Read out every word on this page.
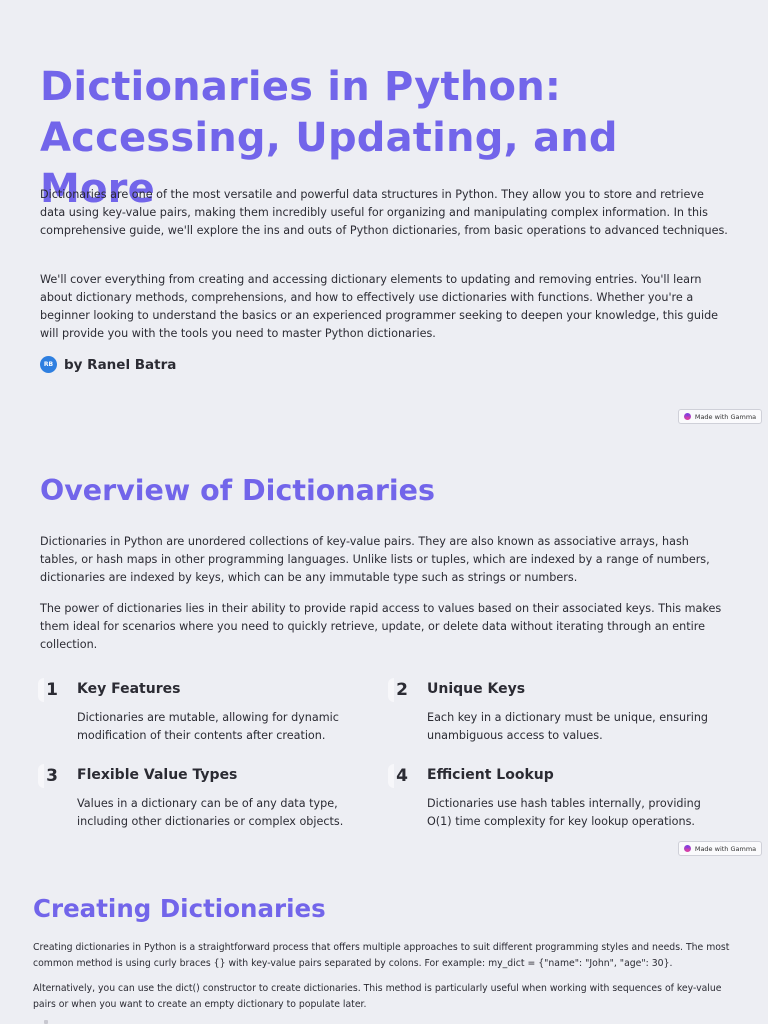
Dictionaries in Python: Accessing, Updating, and More

Dictionaries are one of the most versatile and powerful data structures in Python. They allow you to store and retrieve data using key-value pairs, making them incredibly useful for organizing and manipulating complex information. In this comprehensive guide, we'll explore the ins and outs of Python dictionaries, from basic operations to advanced techniques.

We'll cover everything from creating and accessing dictionary elements to updating and removing entries. You'll learn about dictionary methods, comprehensions, and how to effectively use dictionaries with functions. Whether you're a beginner looking to understand the basics or an experienced programmer seeking to deepen your knowledge, this guide will provide you with the tools you need to master Python dictionaries.

RB by Ranel Batra
Made with Gamma
Overview of Dictionaries

Dictionaries in Python are unordered collections of key-value pairs. They are also known as associative arrays, hash tables, or hash maps in other programming languages. Unlike lists or tuples, which are indexed by a range of numbers, dictionaries are indexed by keys, which can be any immutable type such as strings or numbers.

The power of dictionaries lies in their ability to provide rapid access to values based on their associated keys. This makes them ideal for scenarios where you need to quickly retrieve, update, or delete data without iterating through an entire collection.

1	Key Features

Dictionaries are mutable, allowing for dynamic modification of their contents after creation.

2	Unique Keys

Each key in a dictionary must be unique, ensuring unambiguous access to values.

3	Flexible Value Types

Values in a dictionary can be of any data type, including other dictionaries or complex objects.

4	Efficient Lookup

Dictionaries use hash tables internally, providing O(1) time complexity for key lookup operations.

Made with Gamma
Creating Dictionaries

Creating dictionaries in Python is a straightforward process that offers multiple approaches to suit different programming styles and needs. The most common method is using curly braces {} with key-value pairs separated by colons. For example: my_dict = {"name": "John", "age": 30}.

Alternatively, you can use the dict() constructor to create dictionaries. This method is particularly useful when working with sequences of key-value pairs or when you want to create an empty dictionary to populate later.
